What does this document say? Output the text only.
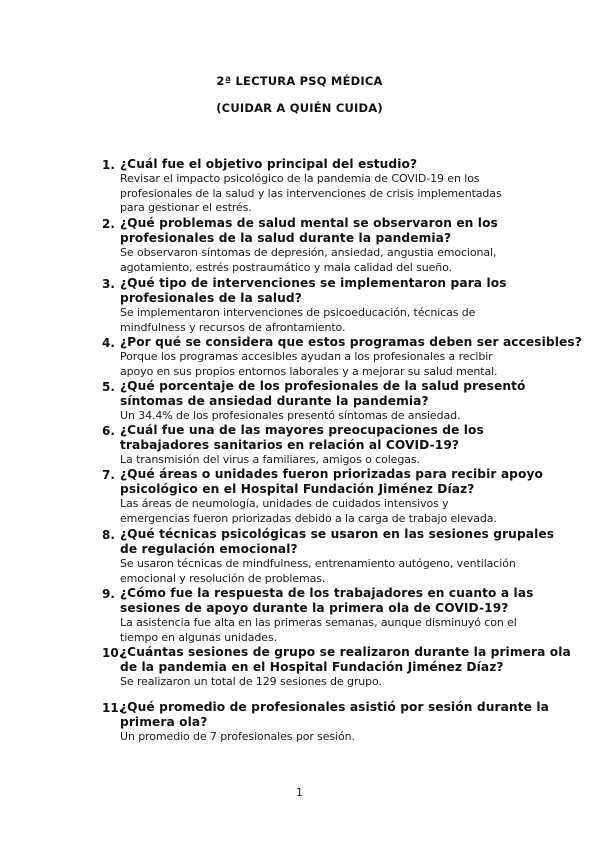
2ª LECTURA PSQ MÉDICA
(CUIDAR A QUIÉN CUIDA)
1. ¿Cuál fue el objetivo principal del estudio?
Revisar el impacto psicológico de la pandemia de COVID-19 en los
profesionales de la salud y las intervenciones de crisis implementadas
para gestionar el estrés.
2. ¿Qué problemas de salud mental se observaron en los
profesionales de la salud durante la pandemia?
Se observaron síntomas de depresión, ansiedad, angustia emocional,
agotamiento, estrés postraumático y mala calidad del sueño.
3. ¿Qué tipo de intervenciones se implementaron para los
profesionales de la salud?
Se implementaron intervenciones de psicoeducación, técnicas de
mindfulness y recursos de afrontamiento.
4. ¿Por qué se considera que estos programas deben ser accesibles?
Porque los programas accesibles ayudan a los profesionales a recibir
apoyo en sus propios entornos laborales y a mejorar su salud mental.
5. ¿Qué porcentaje de los profesionales de la salud presentó
síntomas de ansiedad durante la pandemia?
Un 34.4% de los profesionales presentó síntomas de ansiedad.
6. ¿Cuál fue una de las mayores preocupaciones de los
trabajadores sanitarios en relación al COVID-19?
La transmisión del virus a familiares, amigos o colegas.
7. ¿Qué áreas o unidades fueron priorizadas para recibir apoyo
psicológico en el Hospital Fundación Jiménez Díaz?
Las áreas de neumología, unidades de cuidados intensivos y
emergencias fueron priorizadas debido a la carga de trabajo elevada.
8. ¿Qué técnicas psicológicas se usaron en las sesiones grupales
de regulación emocional?
Se usaron técnicas de mindfulness, entrenamiento autógeno, ventilación
emocional y resolución de problemas.
9. ¿Cómo fue la respuesta de los trabajadores en cuanto a las
sesiones de apoyo durante la primera ola de COVID-19?
La asistencia fue alta en las primeras semanas, aunque disminuyó con el
tiempo en algunas unidades.
10.
¿Cuántas sesiones de grupo se realizaron durante la primera ola
de la pandemia en el Hospital Fundación Jiménez Díaz?
Se realizaron un total de 129 sesiones de grupo.
11.
¿Qué promedio de profesionales asistió por sesión durante la
primera ola?
Un promedio de 7 profesionales por sesión.
1
